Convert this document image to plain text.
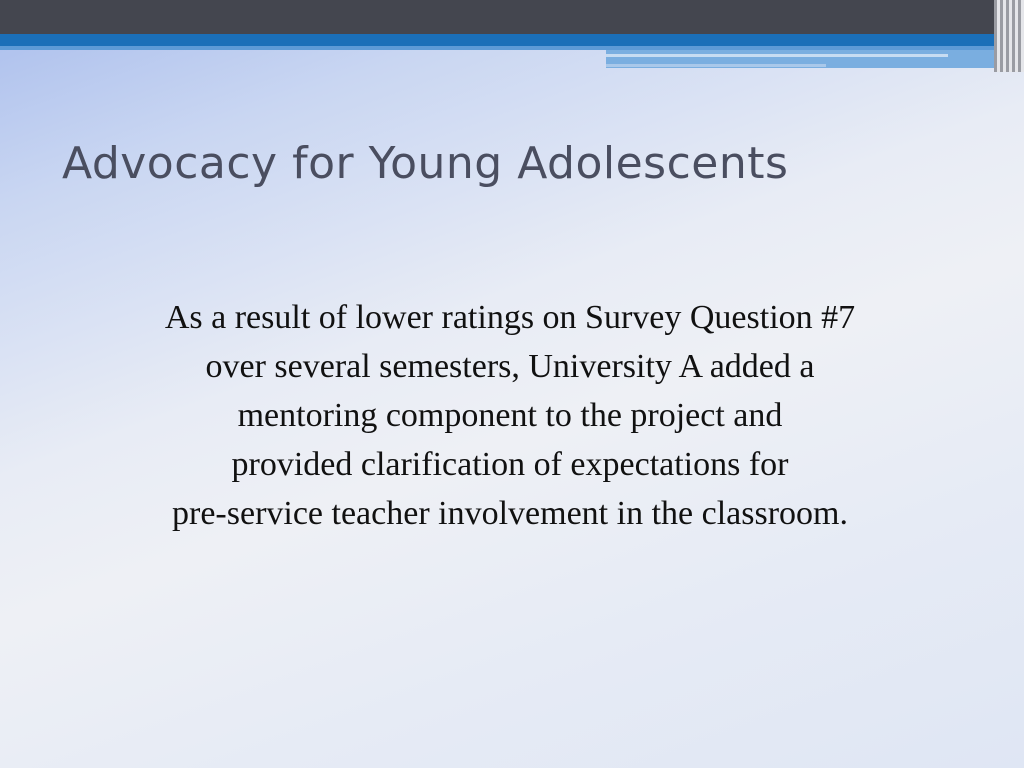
Advocacy for Young Adolescents
As a result of lower ratings on Survey Question #7
over several semesters, University A added a
mentoring component to the project and
provided clarification of expectations for
pre-service teacher involvement in the classroom.
